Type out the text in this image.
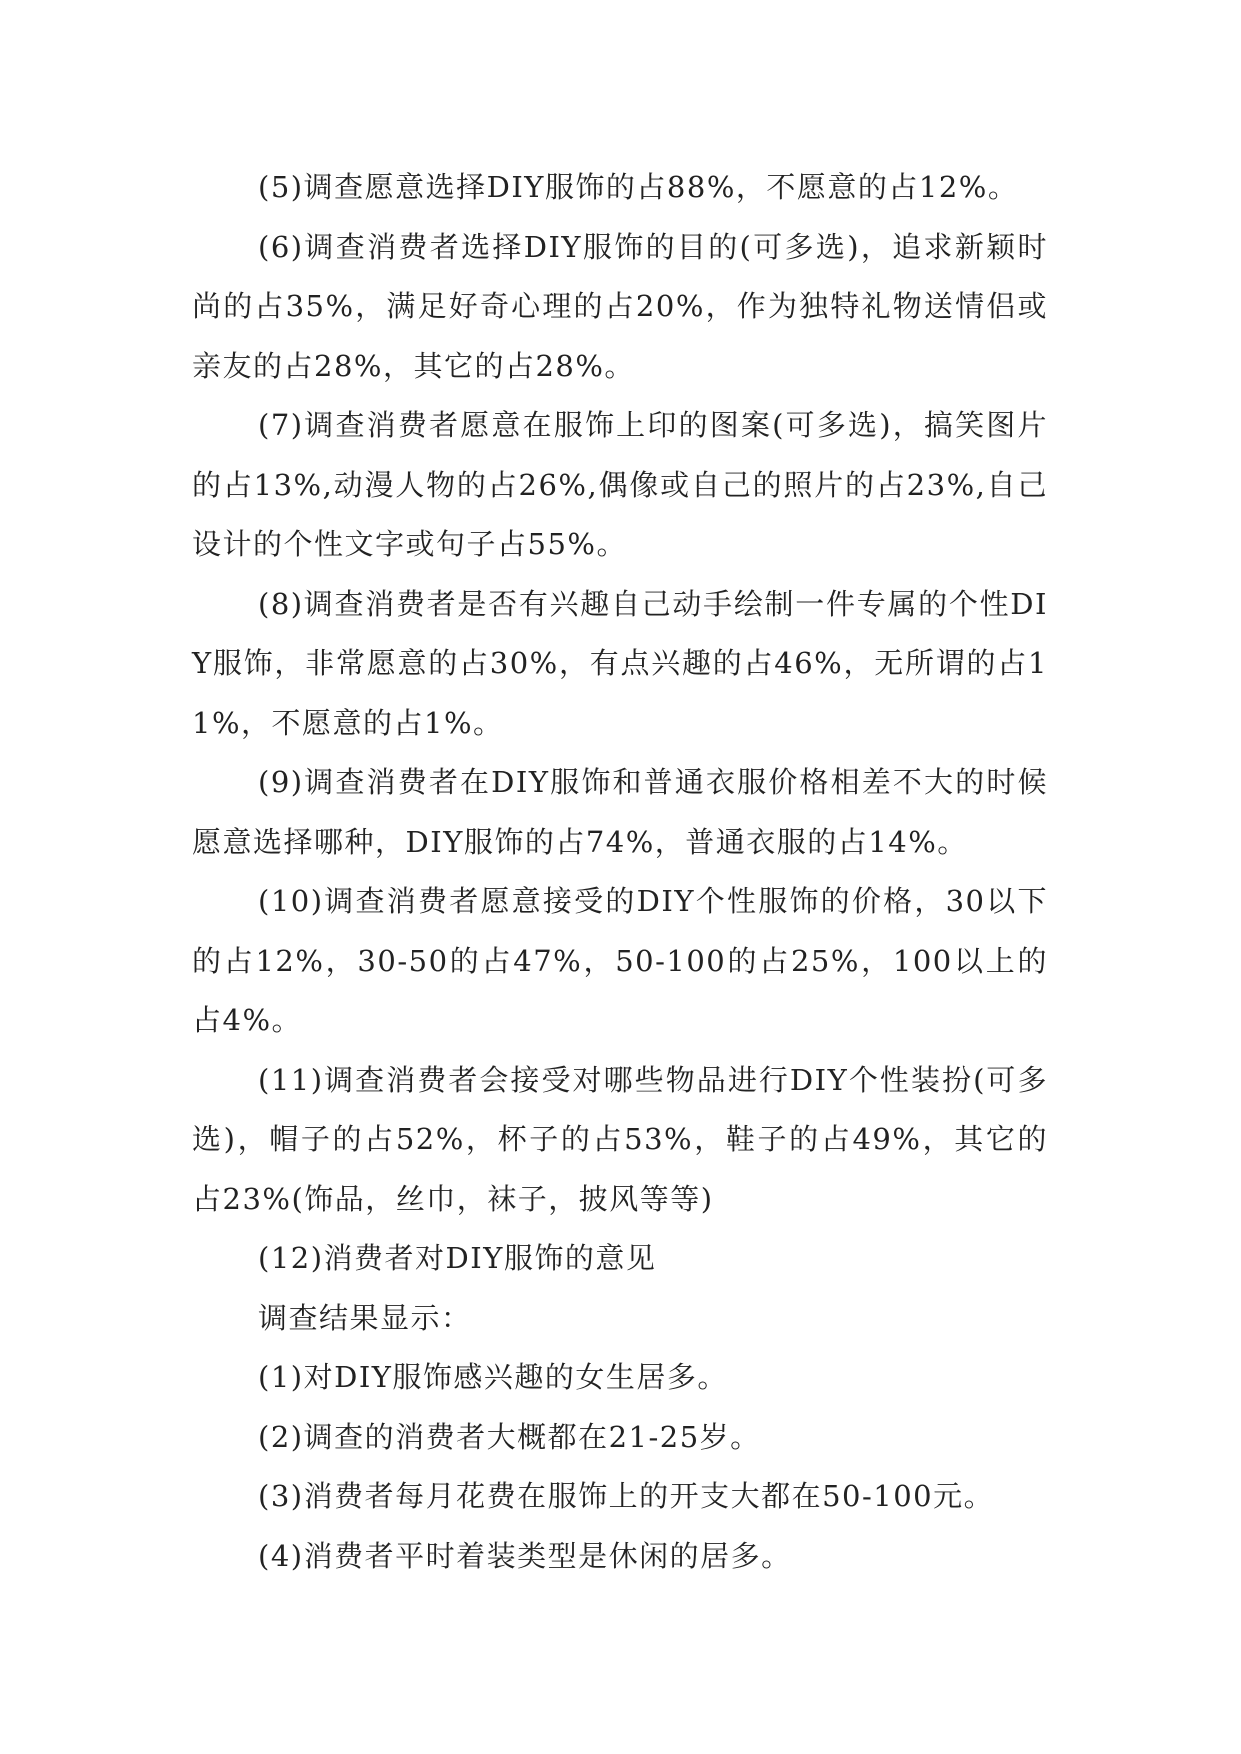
(5)调查愿意选择DIY服饰的占88%，不愿意的占12%。

(6)调查消费者选择DIY服饰的目的(可多选)，追求新颖时尚的占35%，满足好奇心理的占20%，作为独特礼物送情侣或亲友的占28%，其它的占28%。

(7)调查消费者愿意在服饰上印的图案(可多选)，搞笑图片的占13%,动漫人物的占26%,偶像或自己的照片的占23%,自己设计的个性文字或句子占55%。

(8)调查消费者是否有兴趣自己动手绘制一件专属的个性DIY服饰，非常愿意的占30%，有点兴趣的占46%，无所谓的占11%，不愿意的占1%。

(9)调查消费者在DIY服饰和普通衣服价格相差不大的时候愿意选择哪种，DIY服饰的占74%，普通衣服的占14%。

(10)调查消费者愿意接受的DIY个性服饰的价格，30以下的占12%，30-50的占47%，50-100的占25%，100以上的占4%。

(11)调查消费者会接受对哪些物品进行DIY个性装扮(可多选)，帽子的占52%，杯子的占53%，鞋子的占49%，其它的占23%(饰品，丝巾，袜子，披风等等)

(12)消费者对DIY服饰的意见

调查结果显示：

(1)对DIY服饰感兴趣的女生居多。

(2)调查的消费者大概都在21-25岁。

(3)消费者每月花费在服饰上的开支大都在50-100元。

(4)消费者平时着装类型是休闲的居多。
